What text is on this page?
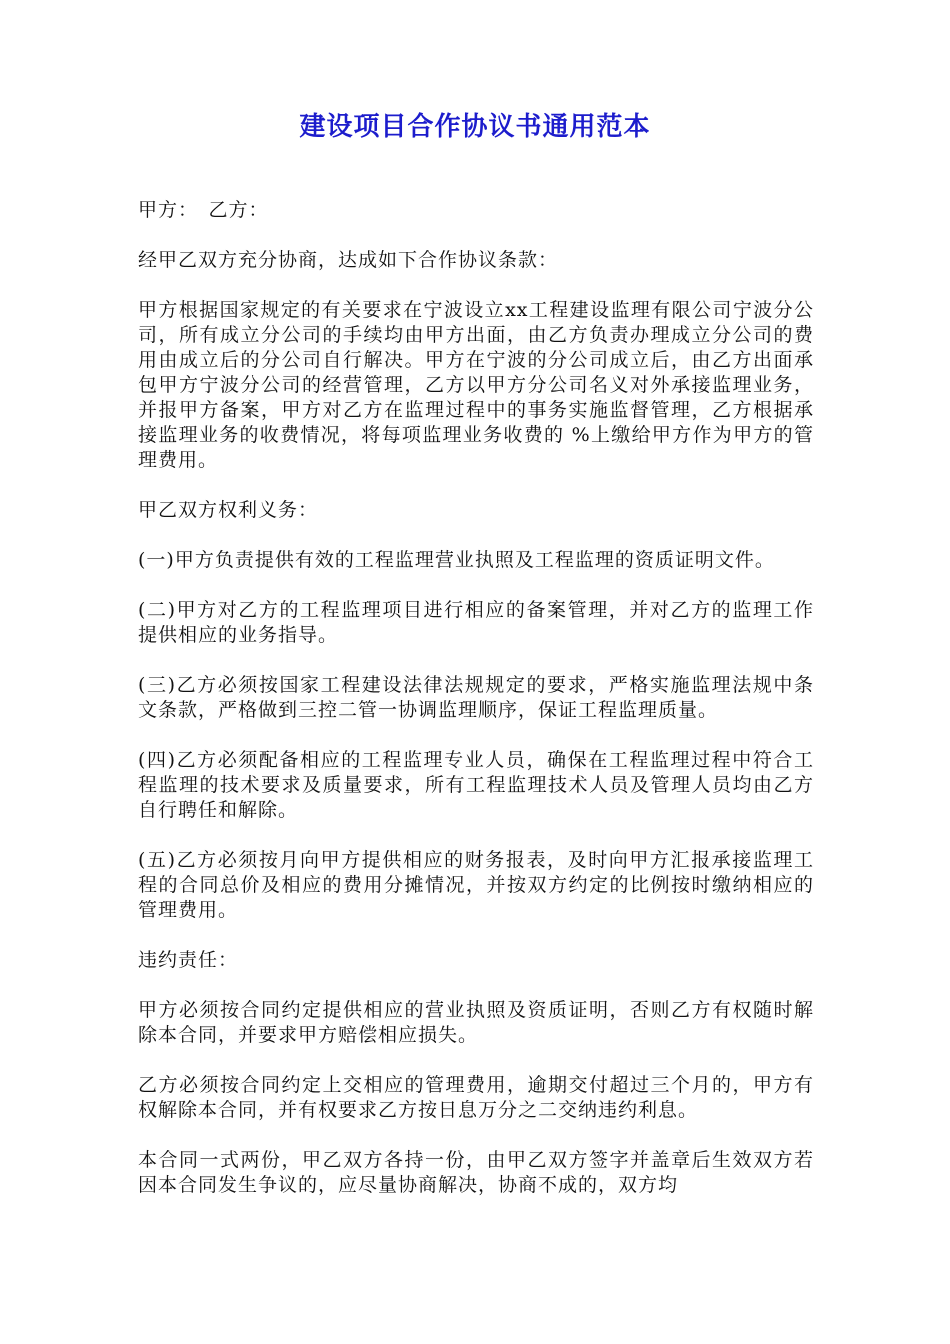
建设项目合作协议书通用范本

甲方：　乙方：

经甲乙双方充分协商，达成如下合作协议条款：

甲方根据国家规定的有关要求在宁波设立xx工程建设监理有限公司宁波分公司，所有成立分公司的手续均由甲方出面，由乙方负责办理成立分公司的费用由成立后的分公司自行解决。甲方在宁波的分公司成立后，由乙方出面承包甲方宁波分公司的经营管理，乙方以甲方分公司名义对外承接监理业务，并报甲方备案，甲方对乙方在监理过程中的事务实施监督管理，乙方根据承接监理业务的收费情况，将每项监理业务收费的 %上缴给甲方作为甲方的管理费用。

甲乙双方权利义务：

(一)甲方负责提供有效的工程监理营业执照及工程监理的资质证明文件。

(二)甲方对乙方的工程监理项目进行相应的备案管理，并对乙方的监理工作提供相应的业务指导。

(三)乙方必须按国家工程建设法律法规规定的要求，严格实施监理法规中条文条款，严格做到三控二管一协调监理顺序，保证工程监理质量。

(四)乙方必须配备相应的工程监理专业人员，确保在工程监理过程中符合工程监理的技术要求及质量要求，所有工程监理技术人员及管理人员均由乙方自行聘任和解除。

(五)乙方必须按月向甲方提供相应的财务报表，及时向甲方汇报承接监理工程的合同总价及相应的费用分摊情况，并按双方约定的比例按时缴纳相应的管理费用。

违约责任：

甲方必须按合同约定提供相应的营业执照及资质证明，否则乙方有权随时解除本合同，并要求甲方赔偿相应损失。

乙方必须按合同约定上交相应的管理费用，逾期交付超过三个月的，甲方有权解除本合同，并有权要求乙方按日息万分之二交纳违约利息。

本合同一式两份，甲乙双方各持一份，由甲乙双方签字并盖章后生效双方若因本合同发生争议的，应尽量协商解决，协商不成的，双方均
